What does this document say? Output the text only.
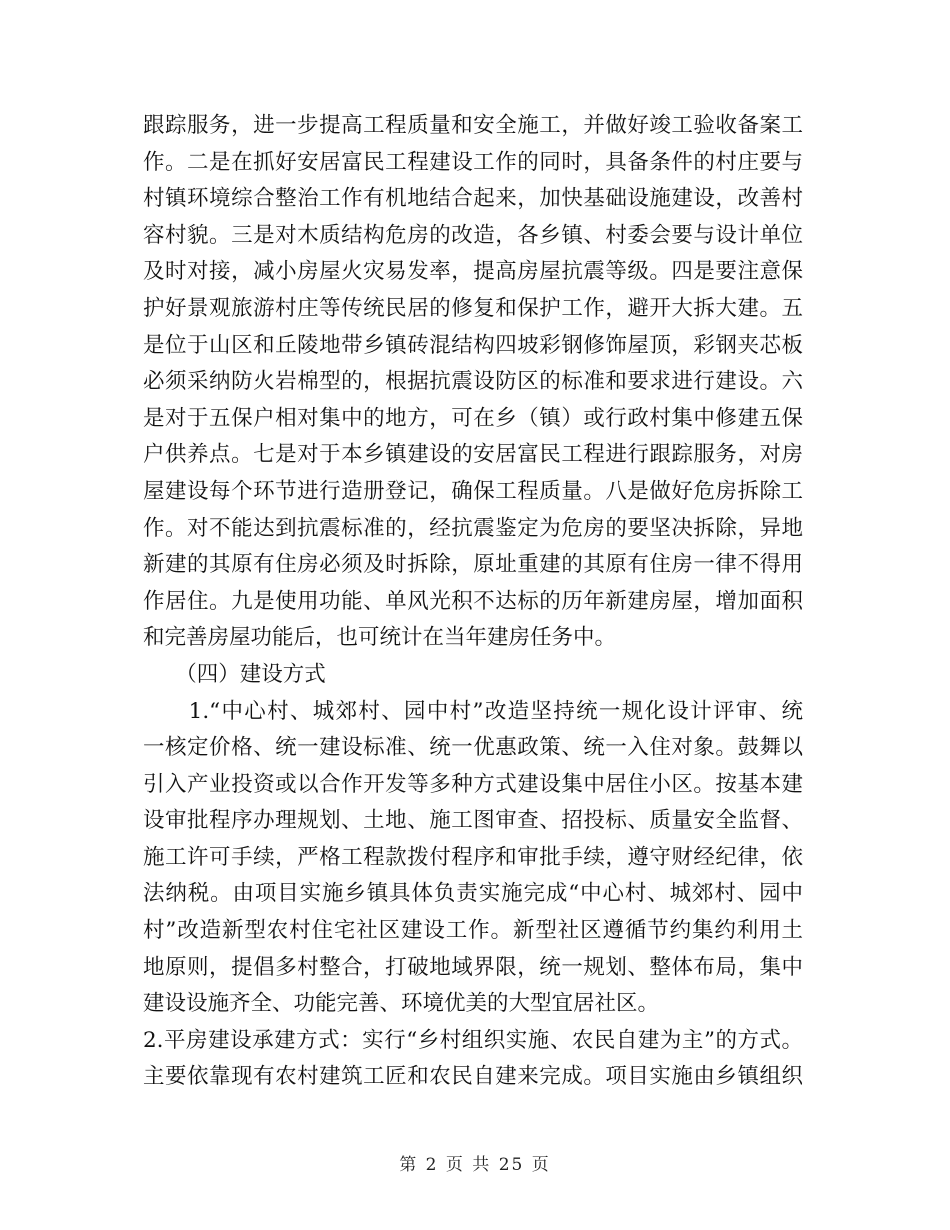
跟踪服务，进一步提高工程质量和安全施工，并做好竣工验收备案工
作。二是在抓好安居富民工程建设工作的同时，具备条件的村庄要与
村镇环境综合整治工作有机地结合起来，加快基础设施建设，改善村
容村貌。三是对木质结构危房的改造，各乡镇、村委会要与设计单位
及时对接，减小房屋火灾易发率，提高房屋抗震等级。四是要注意保
护好景观旅游村庄等传统民居的修复和保护工作，避开大拆大建。五
是位于山区和丘陵地带乡镇砖混结构四坡彩钢修饰屋顶，彩钢夹芯板
必须采纳防火岩棉型的，根据抗震设防区的标准和要求进行建设。六
是对于五保户相对集中的地方，可在乡（镇）或行政村集中修建五保
户供养点。七是对于本乡镇建设的安居富民工程进行跟踪服务，对房
屋建设每个环节进行造册登记，确保工程质量。八是做好危房拆除工
作。对不能达到抗震标准的，经抗震鉴定为危房的要坚决拆除，异地
新建的其原有住房必须及时拆除，原址重建的其原有住房一律不得用
作居住。九是使用功能、单风光积不达标的历年新建房屋，增加面积
和完善房屋功能后，也可统计在当年建房任务中。
　　（四）建设方式
　　1.“中心村、城郊村、园中村”改造坚持统一规化设计评审、统
一核定价格、统一建设标准、统一优惠政策、统一入住对象。鼓舞以
引入产业投资或以合作开发等多种方式建设集中居住小区。按基本建
设审批程序办理规划、土地、施工图审查、招投标、质量安全监督、
施工许可手续，严格工程款拨付程序和审批手续，遵守财经纪律，依
法纳税。由项目实施乡镇具体负责实施完成“中心村、城郊村、园中
村”改造新型农村住宅社区建设工作。新型社区遵循节约集约利用土
地原则，提倡多村整合，打破地域界限，统一规划、整体布局，集中
建设设施齐全、功能完善、环境优美的大型宜居社区。
2.平房建设承建方式：实行“乡村组织实施、农民自建为主”的方式。
主要依靠现有农村建筑工匠和农民自建来完成。项目实施由乡镇组织
第 2 页 共 25 页
